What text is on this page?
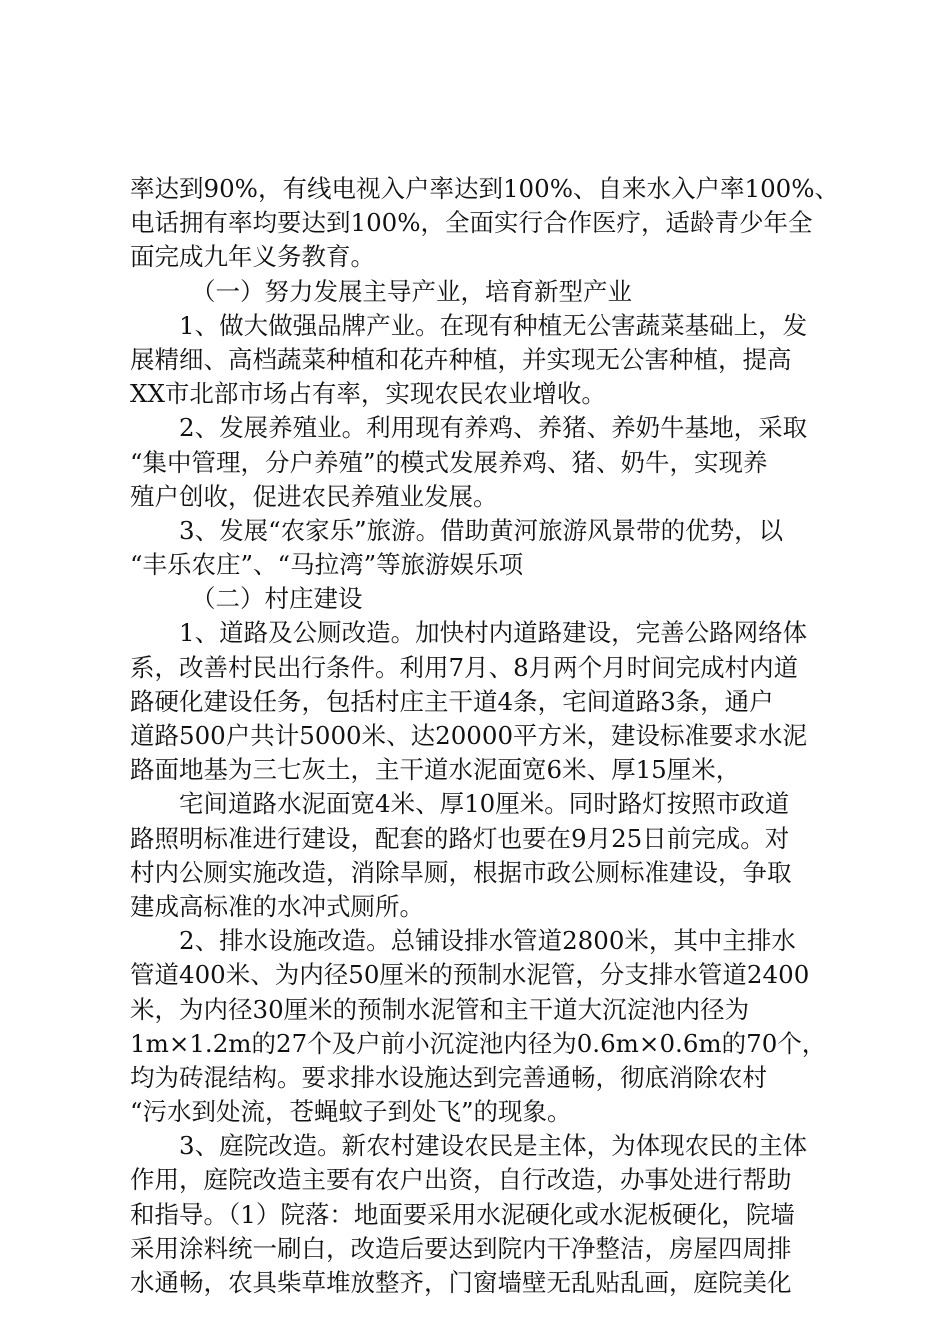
率达到90%，有线电视入户率达到100%、自来水入户率100%、
电话拥有率均要达到100%，全面实行合作医疗，适龄青少年全
面完成九年义务教育。
（一）努力发展主导产业，培育新型产业
1、做大做强品牌产业。在现有种植无公害蔬菜基础上，发
展精细、高档蔬菜种植和花卉种植，并实现无公害种植，提高
XX市北部市场占有率，实现农民农业增收。
2、发展养殖业。利用现有养鸡、养猪、养奶牛基地，采取
“集中管理，分户养殖”的模式发展养鸡、猪、奶牛，实现养
殖户创收，促进农民养殖业发展。
3、发展“农家乐”旅游。借助黄河旅游风景带的优势，以
“丰乐农庄”、“马拉湾”等旅游娱乐项
（二）村庄建设
1、道路及公厕改造。加快村内道路建设，完善公路网络体
系，改善村民出行条件。利用7月、8月两个月时间完成村内道
路硬化建设任务，包括村庄主干道4条，宅间道路3条，通户
道路500户共计5000米、达20000平方米，建设标准要求水泥
路面地基为三七灰土，主干道水泥面宽6米、厚15厘米，
宅间道路水泥面宽4米、厚10厘米。同时路灯按照市政道
路照明标准进行建设，配套的路灯也要在9月25日前完成。对
村内公厕实施改造，消除旱厕，根据市政公厕标准建设，争取
建成高标准的水冲式厕所。
2、排水设施改造。总铺设排水管道2800米，其中主排水
管道400米、为内径50厘米的预制水泥管，分支排水管道2400
米，为内径30厘米的预制水泥管和主干道大沉淀池内径为
1m×1.2m的27个及户前小沉淀池内径为0.6m×0.6m的70个，
均为砖混结构。要求排水设施达到完善通畅，彻底消除农村
“污水到处流，苍蝇蚊子到处飞”的现象。
3、庭院改造。新农村建设农民是主体，为体现农民的主体
作用，庭院改造主要有农户出资，自行改造，办事处进行帮助
和指导。（1）院落：地面要采用水泥硬化或水泥板硬化，院墙
采用涂料统一刷白，改造后要达到院内干净整洁，房屋四周排
水通畅，农具柴草堆放整齐，门窗墙壁无乱贴乱画，庭院美化
